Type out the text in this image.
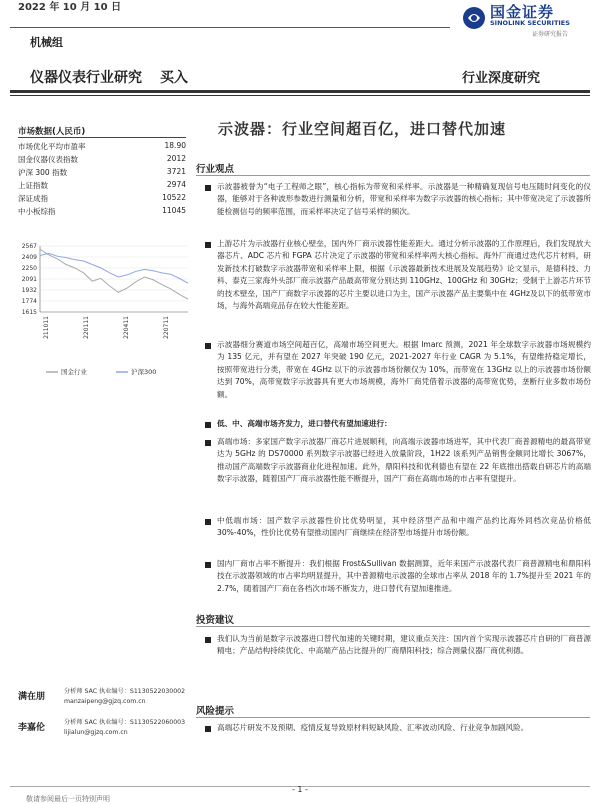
2022 年 10 月 10 日	国金证券
SINOLINK SECURITIES
证券研究报告
机械组
仪器仪表行业研究 买入	行业深度研究
市场数据(人民币)
市场优化平均市盈率	18.90
国金仪器仪表指数	2012
沪深 300 指数	3721
上证指数	2974
深证成指	10522
中小板综指	11045
2567
2409
2250
2091
1932
1774
1615
211011	220111	220411	220711
国金行业	沪深300
满在朋
分析师 SAC 执业编号：S1130522030002
manzaipeng@gjzq.com.cn
李嘉伦
分析师 SAC 执业编号：S1130522060003
lijialun@gjzq.com.cn
示波器：行业空间超百亿，进口替代加速
行业观点
示波器被誉为“电子工程师之眼”，核心指标为带宽和采样率。示波器是一种精确复现信号电压随时间变化的仪器，能够对于各种波形参数进行测量和分析，带宽和采样率为数字示波器的核心指标；其中带宽决定了示波器所能检测信号的频率范围，而采样率决定了信号采样的频次。
上游芯片为示波器行业核心壁垒，国内外厂商示波器性能差距大。通过分析示波器的工作原理后，我们发现放大器芯片、ADC 芯片和 FGPA 芯片决定了示波器的带宽和采样率两大核心指标。海外厂商通过迭代芯片材料，研发新技术打破数字示波器带宽和采样率上限，根据《示波器最新技术进展及发展趋势》论文显示，是德科技、力科、泰克三家海外头部厂商示波器产品最高带宽分别达到 110GHz、100GHz 和 30GHz；受制于上游芯片环节的技术壁垒，国产厂商数字示波器的芯片主要以进口为主，国产示波器产品主要集中在 4GHz及以下的低带宽市场，与海外高端竞品存在较大性能差距。
示波器细分赛道市场空间超百亿，高端市场空间更大。根据 Imarc 预测，2021 年全球数字示波器市场规模约为 135 亿元，并有望在 2027 年突破 190 亿元，2021-2027 年行业 CAGR 为 5.1%，有望维持稳定增长，按照带宽进行分类，带宽在 4GHz 以下的示波器市场份额仅为 10%，而带宽在 13GHz 以上的示波器市场份额达到 70%，高带宽数字示波器具有更大市场规模，海外厂商凭借着示波器的高带宽优势，垄断行业多数市场份额。
低、中、高端市场齐发力，进口替代有望加速进行：
高端市场：多家国产数字示波器厂商芯片进展顺利，向高端示波器市场进军，其中代表厂商普源精电的最高带宽达为 5GHz 的 DS70000 系列数字示波器已经进入放量阶段，1H22 该系列产品销售金额同比增长 3067%，推动国产高端数字示波器商业化进程加速。此外，鼎阳科技和优利德也有望在 22 年底推出搭载自研芯片的高端数字示波器，随着国产厂商示波器性能不断提升，国产厂商在高端市场的市占率有望提升。
中低端市场：国产数字示波器性价比优势明显，其中经济型产品和中端产品约比海外同档次竞品价格低 30%-40%，性价比优势有望推动国内厂商继续在经济型市场提升市场份额。
国内厂商市占率不断提升：我们根据 Frost&Sullivan 数据测算，近年来国产示波器代表厂商普源精电和鼎阳科技在示波器领域的市占率均明显提升，其中普源精电示波器的全球市占率从 2018 年的 1.7%提升至 2021 年的 2.7%，随着国产厂商在各档次市场不断发力，进口替代有望加速推进。
投资建议
我们认为当前是数字示波器进口替代加速的关键时期，建议重点关注：国内首个实现示波器芯片自研的厂商普源精电；产品结构持续优化、中高端产品占比提升的厂商鼎阳科技；综合测量仪器厂商优利德。
风险提示
高端芯片研发不及预期、疫情反复导致原材料短缺风险、汇率波动风险、行业竞争加剧风险。
- 1 -
敬请参阅最后一页特别声明
